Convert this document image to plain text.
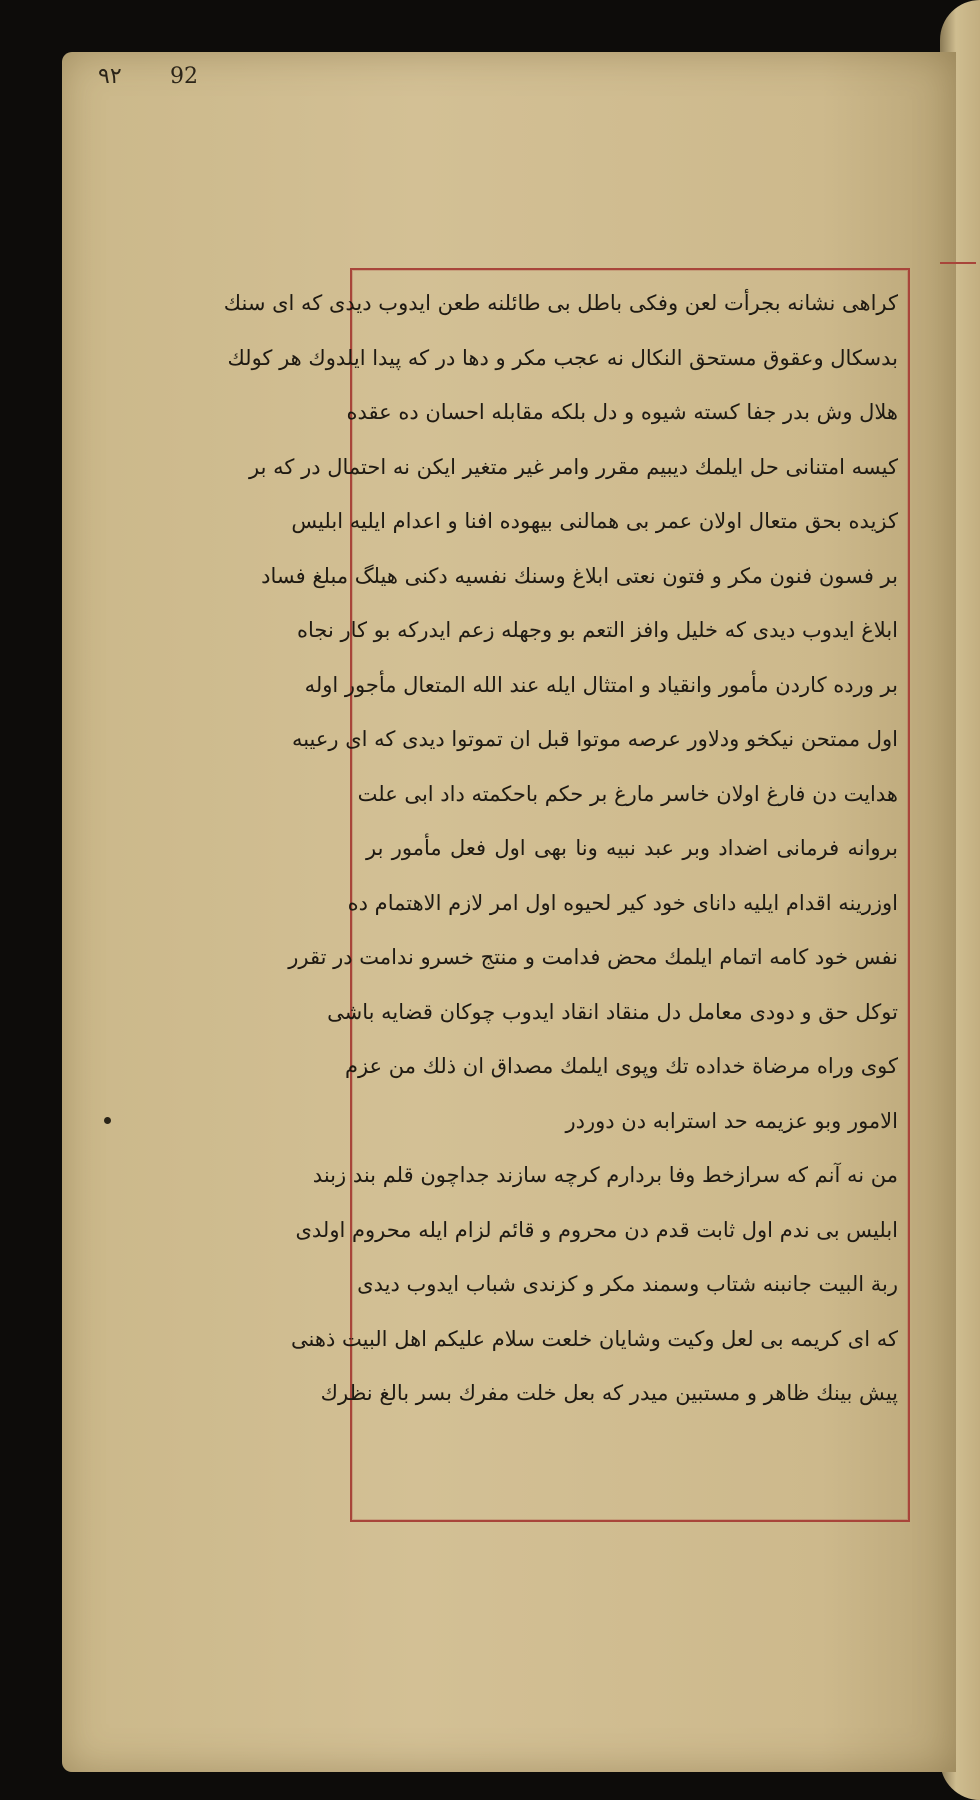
٩٢ 92
كراهی نشانه بجرأت لعن وفكی باطل بی طائلنه طعن ایدوب دیدی كه ای سنك
بدسكال وعقوق مستحق النكال نه عجب مكر و دها در كه پیدا ایلدوك هر كولك
هلال وش بدر جفا كسته شیوه و دل بلكه مقابله احسان ده عقده
كیسه امتنانی حل ایلمك دیبیم مقرر وامر غیر متغیر ایكن نه احتمال در كه بر
كزیده بحق متعال اولان عمر بی همالنی بیهوده افنا و اعدام ایلیه ابلیس
بر فسون فنون مكر و فتون نعتی ابلاغ وسنك نفسیه دكنی هیلگ مبلغ فساد
ابلاغ ایدوب دیدی كه خلیل وافز التعم بو وجهله زعم ایدركه بو كار نجاه
بر ورده كاردن مأمور وانقیاد و امتثال ایله عند الله المتعال مأجور اوله
اول ممتحن نیكخو ودلاور عرصه موتوا قبل ان تموتوا دیدی كه ای رعیبه
هدایت دن فارغ اولان خاسر مارغ بر حكم باحكمته داد ابی علت
بروانه فرمانی اضداد وبر عبد نبیه ونا بهی اول فعل مأمور بر
اوزرینه اقدام ایلیه دانای خود كیر لحیوه اول امر لازم الاهتمام ده
نفس خود كامه اتمام ایلمك محض فدامت و منتج خسرو ندامت در تقرر
توكل حق و دودی معامل دل منقاد انقاد ایدوب چوكان قضایه باشی
كوی وراه مرضاة خداده تك وپوی ایلمك مصداق ان ذلك من عزم
الامور وبو عزیمه حد استرابه دن دوردر
من نه آنم كه سرازخط وفا بردارم كرچه سازند جداچون قلم بند زبند
ابلیس بی ندم اول ثابت قدم دن محروم و قائم لزام ایله محروم اولدی
ربة البیت جانبنه شتاب وسمند مكر و كزندی شباب ایدوب دیدی
كه ای كریمه بی لعل وكیت وشایان خلعت سلام علیكم اهل البیت ذهنی
پیش بینك ظاهر و مستبین میدر كه بعل خلت مفرك بسر بالغ نظرك
